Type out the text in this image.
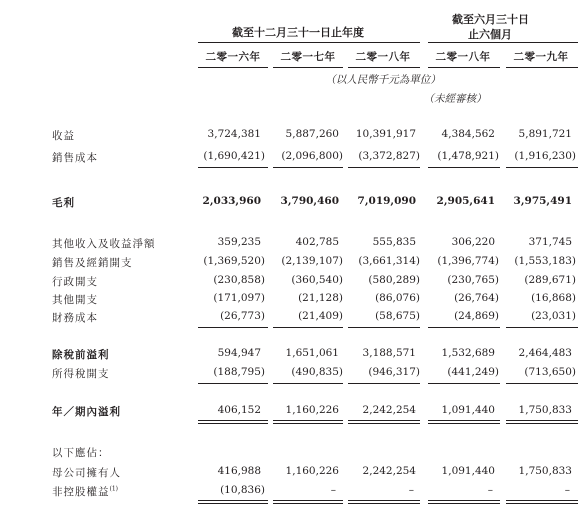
截至十二月三十一日止年度
截至六月三十日
止六個月
二零一六年	二零一七年	二零一八年	二零一八年	二零一九年
（以人民幣千元為單位）
（未經審核）
收益	3,724,381 5,887,260 10,391,917 4,384,562 5,891,721
銷售成本	(1,690,421) (2,096,800) (3,372,827) (1,478,921) (1,916,230)
毛利	2,033,960 3,790,460 7,019,090 2,905,641 3,975,491
其他收入及收益淨額	359,235	402,785	555,835	306,220	371,745
銷售及經銷開支	(1,369,520) (2,139,107) (3,661,314) (1,396,774) (1,553,183)
行政開支	(230,858)	(360,540) (580,289)	(230,765) (289,671)
其他開支	(171,097)	(21,128)	(86,076)	(26,764)	(16,868)
財務成本	(26,773)	(21,409)	(58,675)	(24,869)	(23,031)
除稅前溢利	594,947 1,651,061 3,188,571 1,532,689 2,464,483
所得稅開支	(188,795)	(490,835) (946,317)	(441,249) (713,650)
年／期內溢利	406,152 1,160,226 2,242,254 1,091,440 1,750,833
以下應佔：
母公司擁有人	416,988 1,160,226 2,242,254 1,091,440 1,750,833
非控股權益$^{(1)}$	(10,836)	–	–	–	–
